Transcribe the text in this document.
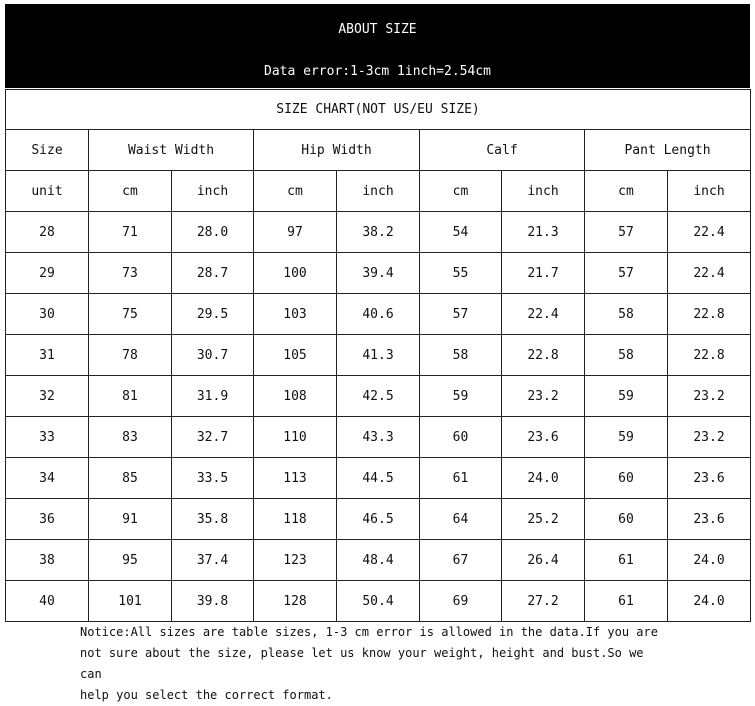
ABOUT SIZE
Data error:1-3cm 1inch=2.54cm
SIZE CHART(NOT US/EU SIZE)								
Size	Waist Width		Hip Width		Calf		Pant Length	
unit	cm	inch	cm	inch	cm	inch	cm	inch
28	71	28.0	97	38.2	54	21.3	57	22.4
29	73	28.7	100	39.4	55	21.7	57	22.4
30	75	29.5	103	40.6	57	22.4	58	22.8
31	78	30.7	105	41.3	58	22.8	58	22.8
32	81	31.9	108	42.5	59	23.2	59	23.2
33	83	32.7	110	43.3	60	23.6	59	23.2
34	85	33.5	113	44.5	61	24.0	60	23.6
36	91	35.8	118	46.5	64	25.2	60	23.6
38	95	37.4	123	48.4	67	26.4	61	24.0
40	101	39.8	128	50.4	69	27.2	61	24.0
Notice:All sizes are table sizes, 1-3 cm error is allowed in the data.If you are
not sure about the size, please let us know your weight, height and bust.So we can
help you select the correct format.
